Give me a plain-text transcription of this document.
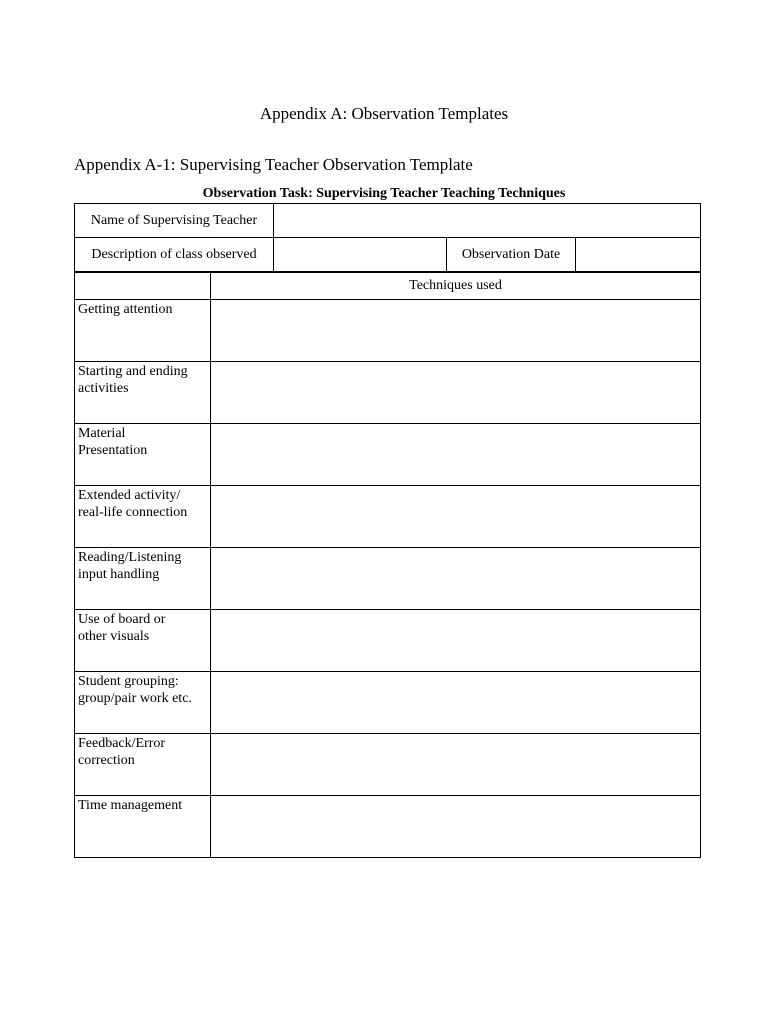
Appendix A: Observation Templates
Appendix A-1: Supervising Teacher Observation Template
Observation Task: Supervising Teacher Teaching Techniques
Name of Supervising Teacher			
Description of class observed		Observation Date	
	Techniques used
Getting attention	
Starting and ending
activities	
Material
Presentation	
Extended activity/
real-life connection	
Reading/Listening
input handling	
Use of board or
other visuals	
Student grouping:
group/pair work etc.	
Feedback/Error
correction	
Time management	
